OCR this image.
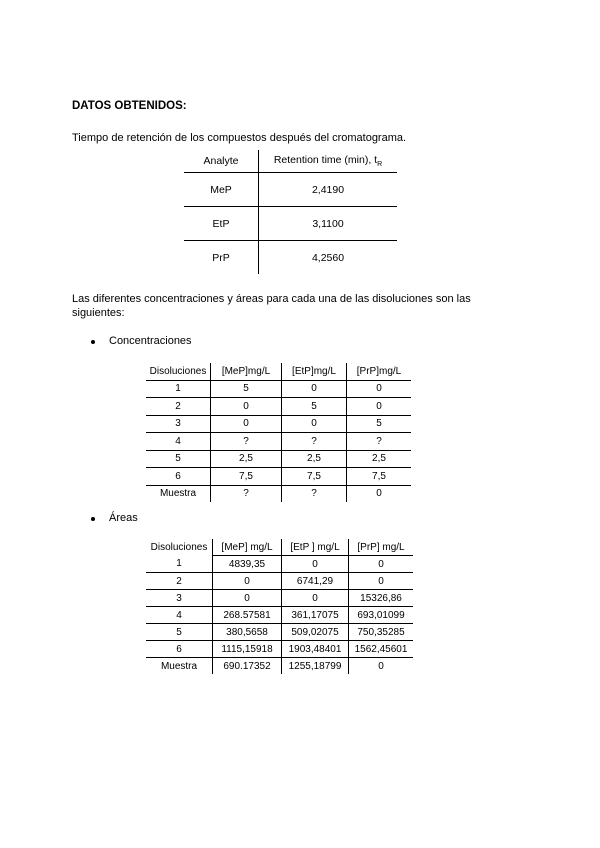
DATOS OBTENIDOS:
Tiempo de retención de los compuestos después del cromatograma.
Analyte	Retention time (min), $t_R$
MeP	2,4190
EtP	3,1100
PrP	4,2560
Las diferentes concentraciones y áreas para cada una de las disoluciones son las
siguientes:
Concentraciones
Disoluciones	[MeP]mg/L	[EtP]mg/L	[PrP]mg/L
1	5	0	0
2	0	5	0
3	0	0	5
4	?	?	?
5	2,5	2,5	2,5
6	7,5	7,5	7,5
Muestra	?	?	0
Áreas
Disoluciones	[MeP] mg/L	[EtP ] mg/L	[PrP] mg/L
1	4839,35	0	0
2	0	6741,29	0
3	0	0	15326,86
4	268.57581	361,17075	693,01099
5	380,5658	509,02075	750,35285
6	1115,15918	1903,48401	1562,45601
Muestra	690.17352	1255,18799	0
